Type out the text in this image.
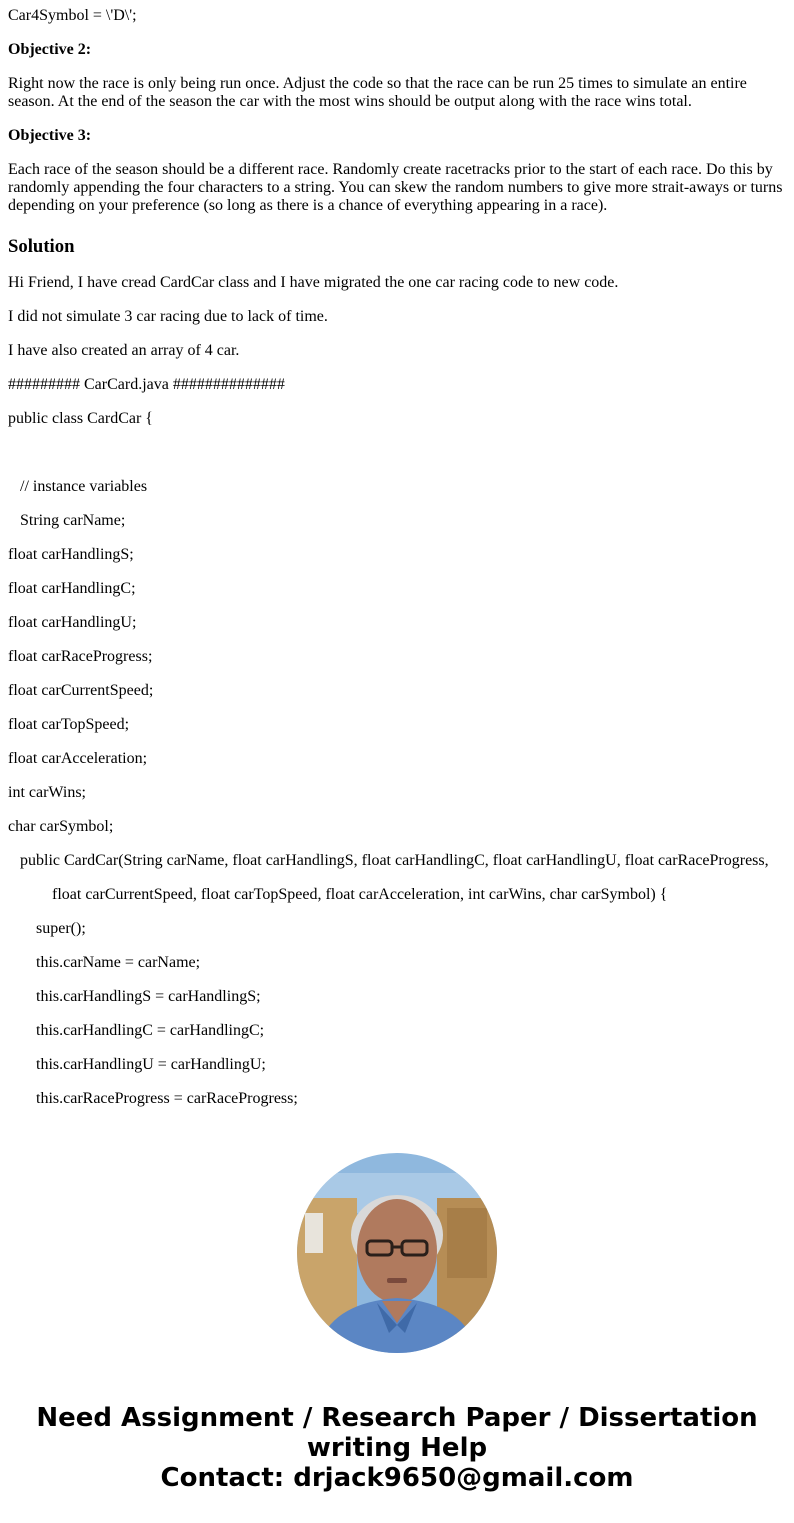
Car4Symbol = \'D\';

Objective 2:

Right now the race is only being run once. Adjust the code so that the race can be run 25 times to simulate an entire season. At the end of the season the car with the most wins should be output along with the race wins total.

Objective 3:

Each race of the season should be a different race. Randomly create racetracks prior to the start of each race. Do this by randomly appending the four characters to a string. You can skew the random numbers to give more strait-aways or turns depending on your preference (so long as there is a chance of everything appearing in a race).

Solution

Hi Friend, I have cread CardCar class and I have migrated the one car racing code to new code.

I did not simulate 3 car racing due to lack of time.

I have also created an array of 4 car.

######### CarCard.java ##############

public class CardCar {

// instance variables

String carName;

float carHandlingS;

float carHandlingC;

float carHandlingU;

float carRaceProgress;

float carCurrentSpeed;

float carTopSpeed;

float carAcceleration;

int carWins;

char carSymbol;

public CardCar(String carName, float carHandlingS, float carHandlingC, float carHandlingU, float carRaceProgress,

float carCurrentSpeed, float carTopSpeed, float carAcceleration, int carWins, char carSymbol) {

super();

this.carName = carName;

this.carHandlingS = carHandlingS;

this.carHandlingC = carHandlingC;

this.carHandlingU = carHandlingU;

this.carRaceProgress = carRaceProgress;

Need Assignment / Research Paper / Dissertation
writing Help
Contact: drjack9650@gmail.com
